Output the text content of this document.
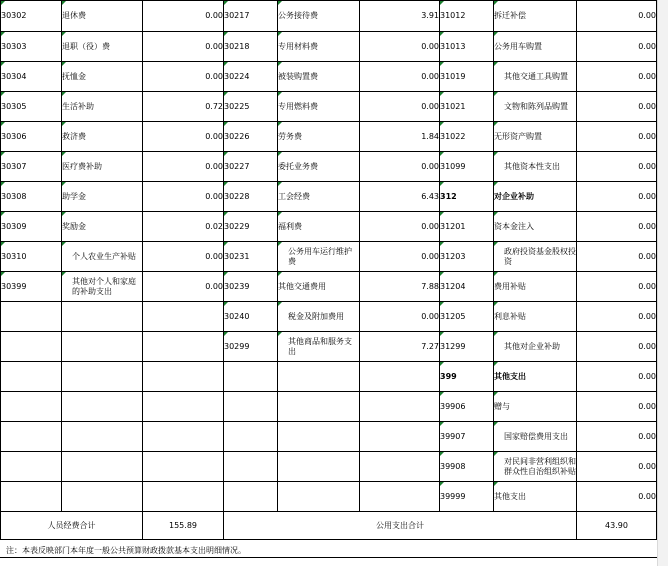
30302	退休费	0.00	30217	公务接待费	3.91	31012	拆迁补偿	0.00
30303	退职（役）费	0.00	30218	专用材料费	0.00	31013	公务用车购置	0.00
30304	抚恤金	0.00	30224	被装购置费	0.00	31019	其他交通工具购置	0.00
30305	生活补助	0.72	30225	专用燃料费	0.00	31021	文物和陈列品购置	0.00
30306	救济费	0.00	30226	劳务费	1.84	31022	无形资产购置	0.00
30307	医疗费补助	0.00	30227	委托业务费	0.00	31099	其他资本性支出	0.00
30308	助学金	0.00	30228	工会经费	6.43	312	对企业补助	0.00
30309	奖励金	0.02	30229	福利费	0.00	31201	资本金注入	0.00
30310	个人农业生产补贴	0.00	30231	公务用车运行维护费	0.00	31203	政府投资基金股权投资	0.00
30399	其他对个人和家庭的补助支出	0.00	30239	其他交通费用	7.88	31204	费用补贴	0.00
			30240	税金及附加费用	0.00	31205	利息补贴	0.00
			30299	其他商品和服务支出	7.27	31299	其他对企业补助	0.00
						399	其他支出	0.00
						39906	赠与	0.00
						39907	国家赔偿费用支出	0.00
						39908	对民间非营利组织和群众性自治组织补贴	0.00
						39999	其他支出	0.00
人员经费合计		155.89	公用支出合计					43.90
注：本表反映部门本年度一般公共预算财政拨款基本支出明细情况。
